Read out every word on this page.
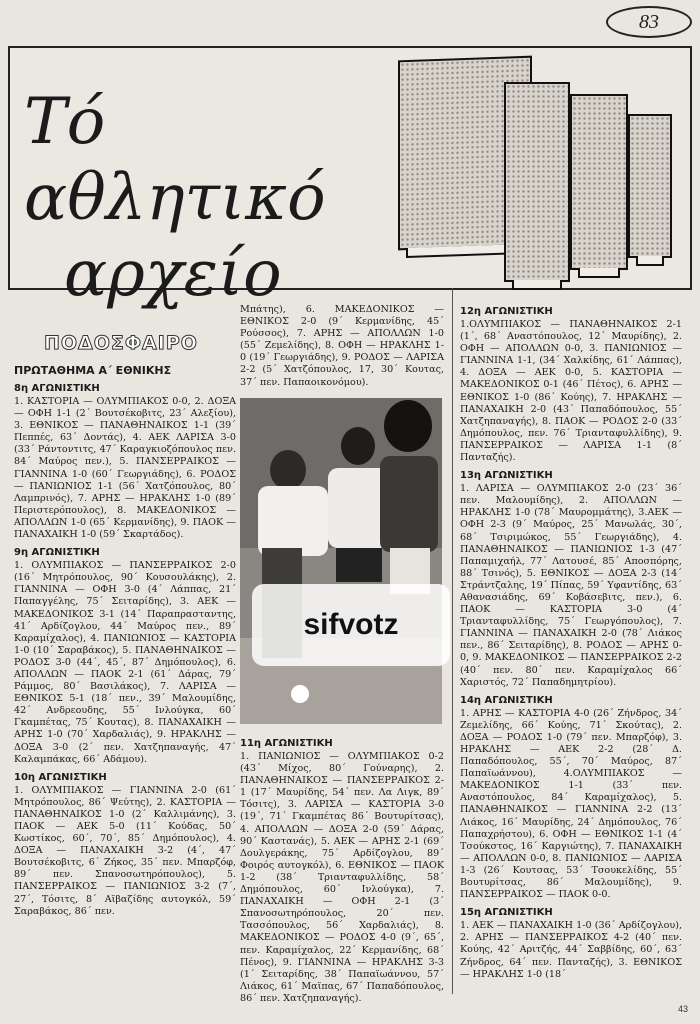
83
Τό αθλητικό
αρχείο
ΠΟΔΟΣΦΑΙΡΟ
ΠΡΩΤΑΘΗΜΑ Α΄ ΕΘΝΙΚΗΣ
8η ΑΓΩΝΙΣΤΙΚΗ
1. ΚΑΣΤΟΡΙΑ — ΟΛΥΜΠΙΑΚΟΣ 0-0, 2. ΔΟΞΑ — ΟΦΗ 1-1 (2΄ Βουτσέκοβιτς, 23΄ Αλεξίου), 3. ΕΘΝΙΚΟΣ — ΠΑΝΑΘΗΝΑΙΚΟΣ 1-1 (39΄ Πεππές, 63΄ Δοντάς), 4. ΑΕΚ ΛΑΡΙΣΑ 3-0 (33΄ Ράντοντιτς, 47΄ Καραγκιοζόπουλος πεν. 84΄ Μαύρος πεν.), 5. ΠΑΝΣΕΡΡΑΙΚΟΣ — ΓΙΑΝΝΙΝΑ 1-0 (60΄ Γεωργιάδης), 6. ΡΟΔΟΣ — ΠΑΝΙΩΝΙΟΣ 1-1 (56΄ Χατζόπουλος, 80΄ Λαμπρινός), 7. ΑΡΗΣ — ΗΡΑΚΛΗΣ 1-0 (89΄ Περιστερόπουλος), 8. ΜΑΚΕΔΟΝΙΚΟΣ — ΑΠΟΛΛΩΝ 1-0 (65΄ Κερμανίδης), 9. ΠΑΟΚ — ΠΑΝΑΧΑΙΚΗ 1-0 (59΄ Σκαρτάδος).
9η ΑΓΩΝΙΣΤΙΚΗ
1. ΟΛΥΜΠΙΑΚΟΣ — ΠΑΝΣΕΡΡΑΙΚΟΣ 2-0 (16΄ Μητρόπουλος, 90΄ Κουσουλάκης), 2. ΓΙΑΝΝΙΝΑ — ΟΦΗ 3-0 (4΄ Λάππας, 21΄ Παπαγγέλης, 75΄ Σειταρίδης), 3. ΑΕΚ — ΜΑΚΕΔΟΝΙΚΟΣ 3-1 (14΄ Παραπρασταντης, 41΄ Αρδίζογλου, 44΄ Μαύρος πεν., 89΄ Καραμίχαλος), 4. ΠΑΝΙΩΝΙΟΣ — ΚΑΣΤΟΡΙΑ 1-0 (10΄ Σαραβάκος), 5. ΠΑΝΑΘΗΝΑΙΚΟΣ — ΡΟΔΟΣ 3-0 (44΄, 45΄, 87΄ Δημόπουλος), 6. ΑΠΟΛΛΩΝ — ΠΑΟΚ 2-1 (61΄ Δάρας, 79΄ Ράμμος, 80΄ Βασιλάκος), 7. ΛΑΡΙΣΑ — ΕΘΝΙΚΟΣ 5-1 (18΄ πεν., 39΄ Μαλουμίδης, 42΄ Ανδρεουδης, 55΄ Ινλούγκα, 60΄ Γκαμπέτας, 75΄ Κουτας), 8. ΠΑΝΑΧΑΙΚΗ — ΑΡΗΣ 1-0 (70΄ Χαρδαλιάς), 9. ΗΡΑΚΛΗΣ — ΔΟΞΑ 3-0 (2΄ πεν. Χατζηπαναγής, 47΄ Καλαμπάκας, 66΄ Αδάμου).
10η ΑΓΩΝΙΣΤΙΚΗ
1. ΟΛΥΜΠΙΑΚΟΣ — ΓΙΑΝΝΙΝΑ 2-0 (61΄ Μητρόπουλος, 86΄ Ψεύτης), 2. ΚΑΣΤΟΡΙΑ — ΠΑΝΑΘΗΝΑΙΚΟΣ 1-0 (2΄ Καλλιμάνης), 3. ΠΑΟΚ — ΑΕΚ 5-0 (11΄ Κούδας, 50΄ Κωστίκος, 60΄, 70΄, 85΄ Δημόπουλος), 4. ΔΟΞΑ — ΠΑΝΑΧΑΙΚΗ 3-2 (4΄, 47΄ Βουτσέκοβιτς, 6΄ Ζήκος, 35΄ πεν. Μπαρζόφ, 89΄ πεν. Σπανοσωτηρόπουλος), 5. ΠΑΝΣΕΡΡΑΙΚΟΣ — ΠΑΝΙΩΝΙΟΣ 3-2 (7΄, 27΄, Τόσιτς, 8΄ Αϊβαζίδης αυτογκόλ, 59΄ Σαραβάκος, 86΄ πεν.
Μπάτης), 6. ΜΑΚΕΔΟΝΙΚΟΣ — ΕΘΝΙΚΟΣ 2-0 (9΄ Κερμανίδης, 45΄ Ρούσσος), 7. ΑΡΗΣ — ΑΠΟΛΛΩΝ 1-0 (55΄ Ζεμελίδης), 8. ΟΦΗ — ΗΡΑΚΛΗΣ 1-0 (19΄ Γεωργιάδης), 9. ΡΟΔΟΣ — ΛΑΡΙΣΑ 2-2 (5΄ Χατζόπουλος, 17, 30΄ Κουτας, 37΄ πεν. Παπαοικονόμου).
sifvotz
11η ΑΓΩΝΙΣΤΙΚΗ
1. ΠΑΝΙΩΝΙΟΣ — ΟΛΥΜΠΙΑΚΟΣ 0-2 (43΄ Μίχος, 80΄ Γούναρης), 2. ΠΑΝΑΘΗΝΑΙΚΟΣ — ΠΑΝΣΕΡΡΑΙΚΟΣ 2-1 (17΄ Μαυρίδης, 54΄ πεν. Λα Λιγκ, 89΄ Τόσιτς), 3. ΛΑΡΙΣΑ — ΚΑΣΤΟΡΙΑ 3-0 (19΄, 71΄ Γκαμπέτας 86΄ Βουτυρίτσας), 4. ΑΠΟΛΛΩΝ — ΔΟΞΑ 2-0 (59΄ Δάρας, 90΄ Καστανάς), 5. ΑΕΚ — ΑΡΗΣ 2-1 (69΄ Δουλγεράκης, 75΄ Αρδίζογλου, 89΄ Φοιρός αυτογκόλ), 6. ΕΘΝΙΚΟΣ — ΠΑΟΚ 1-2 (38΄ Τριανταφυλλίδης, 58΄ Δημόπουλος, 60΄ Ινλούγκα), 7. ΠΑΝΑΧΑΙΚΗ — ΟΦΗ 2-1 (3΄ Σπανοσωτηρόπουλος, 20΄ πεν. Τασσόπουλος, 56΄ Χαρδαλιάς), 8. ΜΑΚΕΔΟΝΙΚΟΣ — ΡΟΔΟΣ 4-0 (9΄, 65΄, πεν. Καραμίχαλος, 22΄ Κερμανίδης, 68΄ Πένος), 9. ΓΙΑΝΝΙΝΑ — ΗΡΑΚΛΗΣ 3-3 (1΄ Σειταρίδης, 38΄ Παπαϊωάννου, 57΄ Λιάκος, 61΄ Μαϊπας, 67΄ Παπαδόπουλος, 86΄ πεν. Χατζηπαναγής).
12η ΑΓΩΝΙΣΤΙΚΗ
1.ΟΛΥΜΠΙΑΚΟΣ — ΠΑΝΑΘΗΝΑΙΚΟΣ 2-1 (1΄, 68΄ Αναστόπουλος, 12΄ Μαυρίδης), 2. ΟΦΗ — ΑΠΟΛΛΩΝ 0-0, 3. ΠΑΝΙΩΝΙΟΣ — ΓΙΑΝΝΙΝΑ 1-1, (34΄ Χαλκίδης, 61΄ Λάππας), 4. ΔΟΞΑ — ΑΕΚ 0-0, 5. ΚΑΣΤΟΡΙΑ — ΜΑΚΕΔΟΝΙΚΟΣ 0-1 (46΄ Πέτος), 6. ΑΡΗΣ — ΕΘΝΙΚΟΣ 1-0 (86΄ Κούης), 7. ΗΡΑΚΛΗΣ — ΠΑΝΑΧΑΙΚΗ 2-0 (43΄ Παπαδόπουλος, 55΄ Χατζηπαναγής), 8. ΠΑΟΚ — ΡΟΔΟΣ 2-0 (33΄ Δημόπουλος, πεν. 76΄ Τριανταφυλλίδης), 9. ΠΑΝΣΕΡΡΑΙΚΟΣ — ΛΑΡΙΣΑ 1-1 (8΄ Πανταζής).
13η ΑΓΩΝΙΣΤΙΚΗ
1. ΛΑΡΙΣΑ — ΟΛΥΜΠΙΑΚΟΣ 2-0 (23΄ 36΄ πεν. Μαλουμίδης), 2. ΑΠΟΛΛΩΝ — ΗΡΑΚΛΗΣ 1-0 (78΄ Μαυρομμάτης), 3.ΑΕΚ — ΟΦΗ 2-3 (9΄ Μαύρος, 25΄ Μανωλάς, 30΄, 68΄ Τσιριμώκος, 55΄ Γεωργιάδης), 4. ΠΑΝΑΘΗΝΑΙΚΟΣ — ΠΑΝΙΩΝΙΟΣ 1-3 (47΄ Παπαμιχαήλ, 77΄ Λατουσέ, 85΄ Αποσπόρης, 88΄ Τσινός), 5. ΕΘΝΙΚΟΣ — ΔΟΞΑ 2-3 (14΄ Στράντζαλης, 19΄ Πίπας, 59΄ Υφαντίδης, 63΄ Αθανασιάδης, 69΄ Κοβάσεβιτς, πεν.), 6. ΠΑΟΚ — ΚΑΣΤΟΡΙΑ 3-0 (4΄ Τριανταφυλλίδης, 75΄ Γεωργόπουλος), 7. ΓΙΑΝΝΙΝΑ — ΠΑΝΑΧΑΙΚΗ 2-0 (78΄ Λιάκος πεν., 86΄ Σειταρίδης), 8. ΡΟΔΟΣ — ΑΡΗΣ 0-0, 9. ΜΑΚΕΔΟΝΙΚΟΣ — ΠΑΝΣΕΡΡΑΙΚΟΣ 2-2 (40΄ πεν. 80΄ πεν. Καραμίχαλος 66΄ Χαριστός, 72΄ Παπαδημητρίου).
14η ΑΓΩΝΙΣΤΙΚΗ
1. ΑΡΗΣ — ΚΑΣΤΟΡΙΑ 4-0 (26΄ Ζήνδρος, 34΄ Ζεμελίδης, 66΄ Κούης, 71΄ Σκούτας), 2. ΔΟΞΑ — ΡΟΔΟΣ 1-0 (79΄ πεν. Μπαρζόφ), 3. ΗΡΑΚΛΗΣ — ΑΕΚ 2-2 (28΄ Δ. Παπαδόπουλος, 55΄, 70΄ Μαύρος, 87΄ Παπαϊωάννου), 4.ΟΛΥΜΠΙΑΚΟΣ — ΜΑΚΕΔΟΝΙΚΟΣ 1-1 (33΄ πεν. Αναστόπουλος, 84΄ Καραμίχαλος), 5. ΠΑΝΑΘΗΝΑΙΚΟΣ — ΓΙΑΝΝΙΝΑ 2-2 (13΄ Λιάκος, 16΄ Μαυρίδης, 24΄ Δημόπουλος, 76΄ Παπαχρήστου), 6. ΟΦΗ — ΕΘΝΙΚΟΣ 1-1 (4΄ Τσούκστος, 16΄ Καργιώτης), 7. ΠΑΝΑΧΑΙΚΗ — ΑΠΟΛΛΩΝ 0-0, 8. ΠΑΝΙΩΝΙΟΣ — ΛΑΡΙΣΑ 1-3 (26΄ Κουτσας, 53΄ Τσουκελίδης, 55΄ Βουτυρίτσας, 86΄ Μαλουμίδης), 9. ΠΑΝΣΕΡΡΑΙΚΟΣ — ΠΑΟΚ 0-0.
15η ΑΓΩΝΙΣΤΙΚΗ
1. ΑΕΚ — ΠΑΝΑΧΑΙΚΗ 1-0 (36΄ Αρδίζογλου), 2. ΑΡΗΣ — ΠΑΝΣΕΡΡΑΙΚΟΣ 4-2 (40΄ πεν. Κούης, 42΄ Αριτζής, 44΄ Σαββίδης, 60΄, 63΄ Ζήνδρος, 64΄ πεν. Πανταζής), 3. ΕΘΝΙΚΟΣ — ΗΡΑΚΛΗΣ 1-0 (18΄
43
